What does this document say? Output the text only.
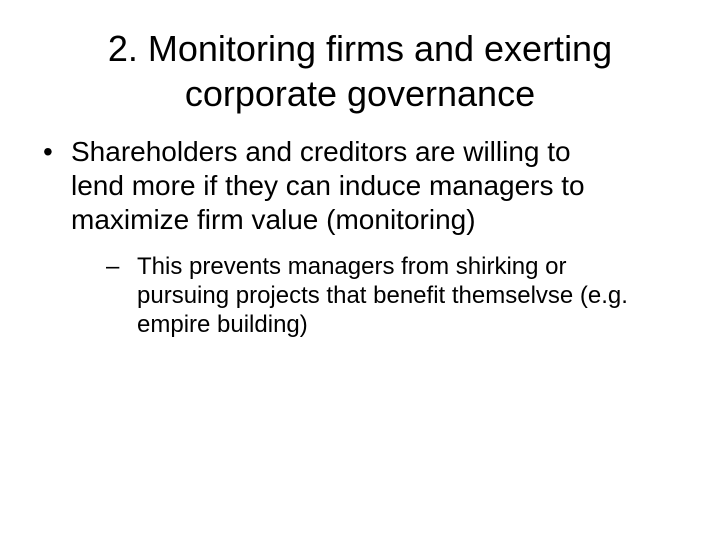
2. Monitoring firms and exerting
corporate governance
• Shareholders and creditors are willing to
lend more if they can induce managers to
maximize firm value (monitoring)
– This prevents managers from shirking or
pursuing projects that benefit themselvse (e.g.
empire building)
